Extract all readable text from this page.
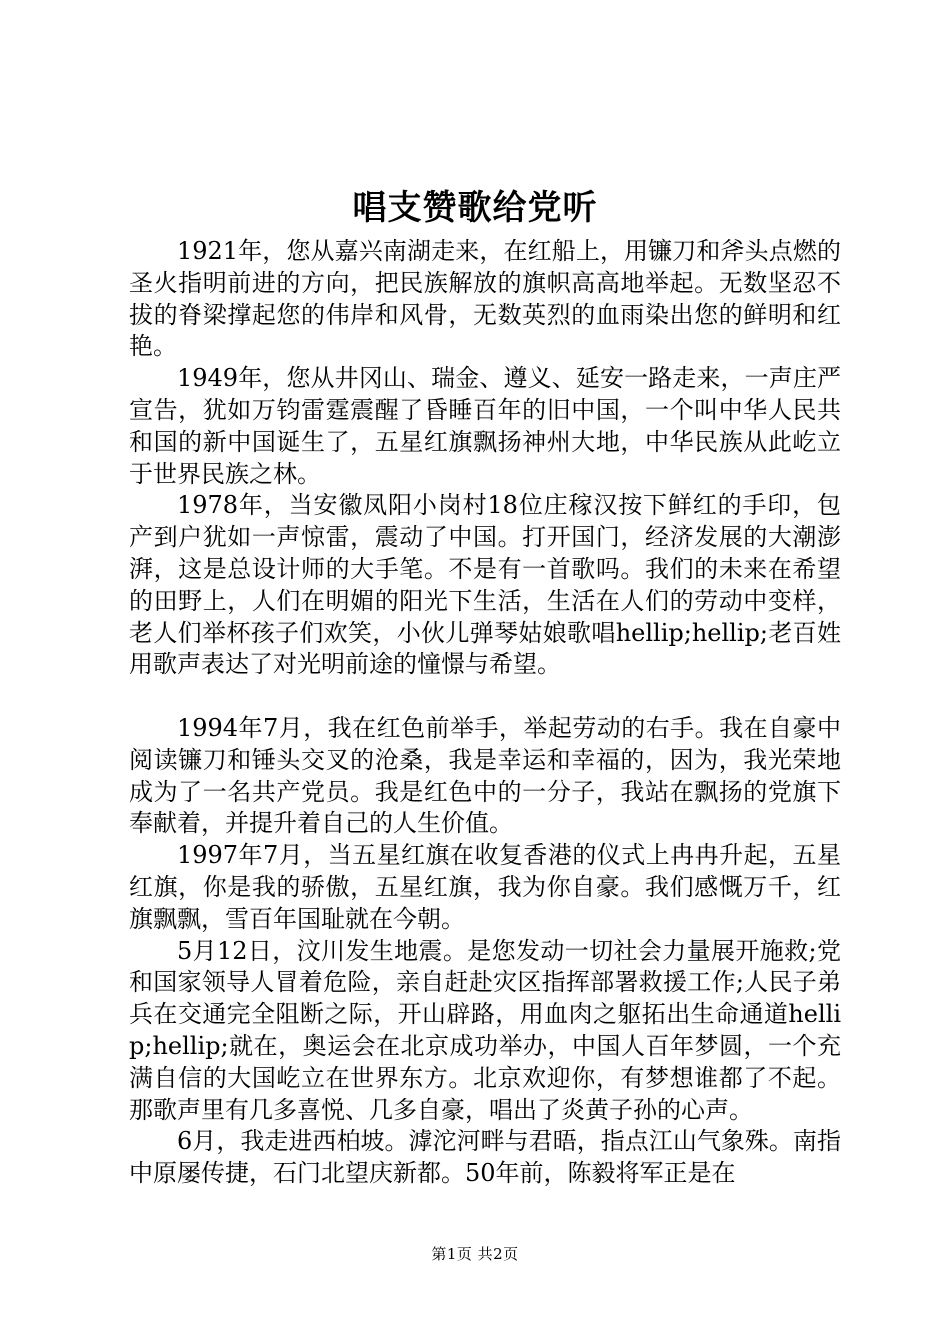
唱支赞歌给党听

1921年，您从嘉兴南湖走来，在红船上，用镰刀和斧头点燃的圣火指明前进的方向，把民族解放的旗帜高高地举起。无数坚忍不拔的脊梁撑起您的伟岸和风骨，无数英烈的血雨染出您的鲜明和红艳。

1949年，您从井冈山、瑞金、遵义、延安一路走来，一声庄严宣告，犹如万钧雷霆震醒了昏睡百年的旧中国，一个叫中华人民共和国的新中国诞生了，五星红旗飘扬神州大地，中华民族从此屹立于世界民族之林。

1978年，当安徽凤阳小岗村18位庄稼汉按下鲜红的手印，包产到户犹如一声惊雷，震动了中国。打开国门，经济发展的大潮澎湃，这是总设计师的大手笔。不是有一首歌吗。我们的未来在希望的田野上，人们在明媚的阳光下生活，生活在人们的劳动中变样，老人们举杯孩子们欢笑，小伙儿弹琴姑娘歌唱hellip;hellip;老百姓用歌声表达了对光明前途的憧憬与希望。

1994年7月，我在红色前举手，举起劳动的右手。我在自豪中阅读镰刀和锤头交叉的沧桑，我是幸运和幸福的，因为，我光荣地成为了一名共产党员。我是红色中的一分子，我站在飘扬的党旗下奉献着，并提升着自己的人生价值。

1997年7月，当五星红旗在收复香港的仪式上冉冉升起，五星红旗，你是我的骄傲，五星红旗，我为你自豪。我们感慨万千，红旗飘飘，雪百年国耻就在今朝。

5月12日，汶川发生地震。是您发动一切社会力量展开施救;党和国家领导人冒着危险，亲自赶赴灾区指挥部署救援工作;人民子弟兵在交通完全阻断之际，开山辟路，用血肉之躯拓出生命通道hellip;hellip;就在，奥运会在北京成功举办，中国人百年梦圆，一个充满自信的大国屹立在世界东方。北京欢迎你，有梦想谁都了不起。那歌声里有几多喜悦、几多自豪，唱出了炎黄子孙的心声。

6月，我走进西柏坡。滹沱河畔与君晤，指点江山气象殊。南指中原屡传捷，石门北望庆新都。50年前，陈毅将军正是在

第1页 共2页
